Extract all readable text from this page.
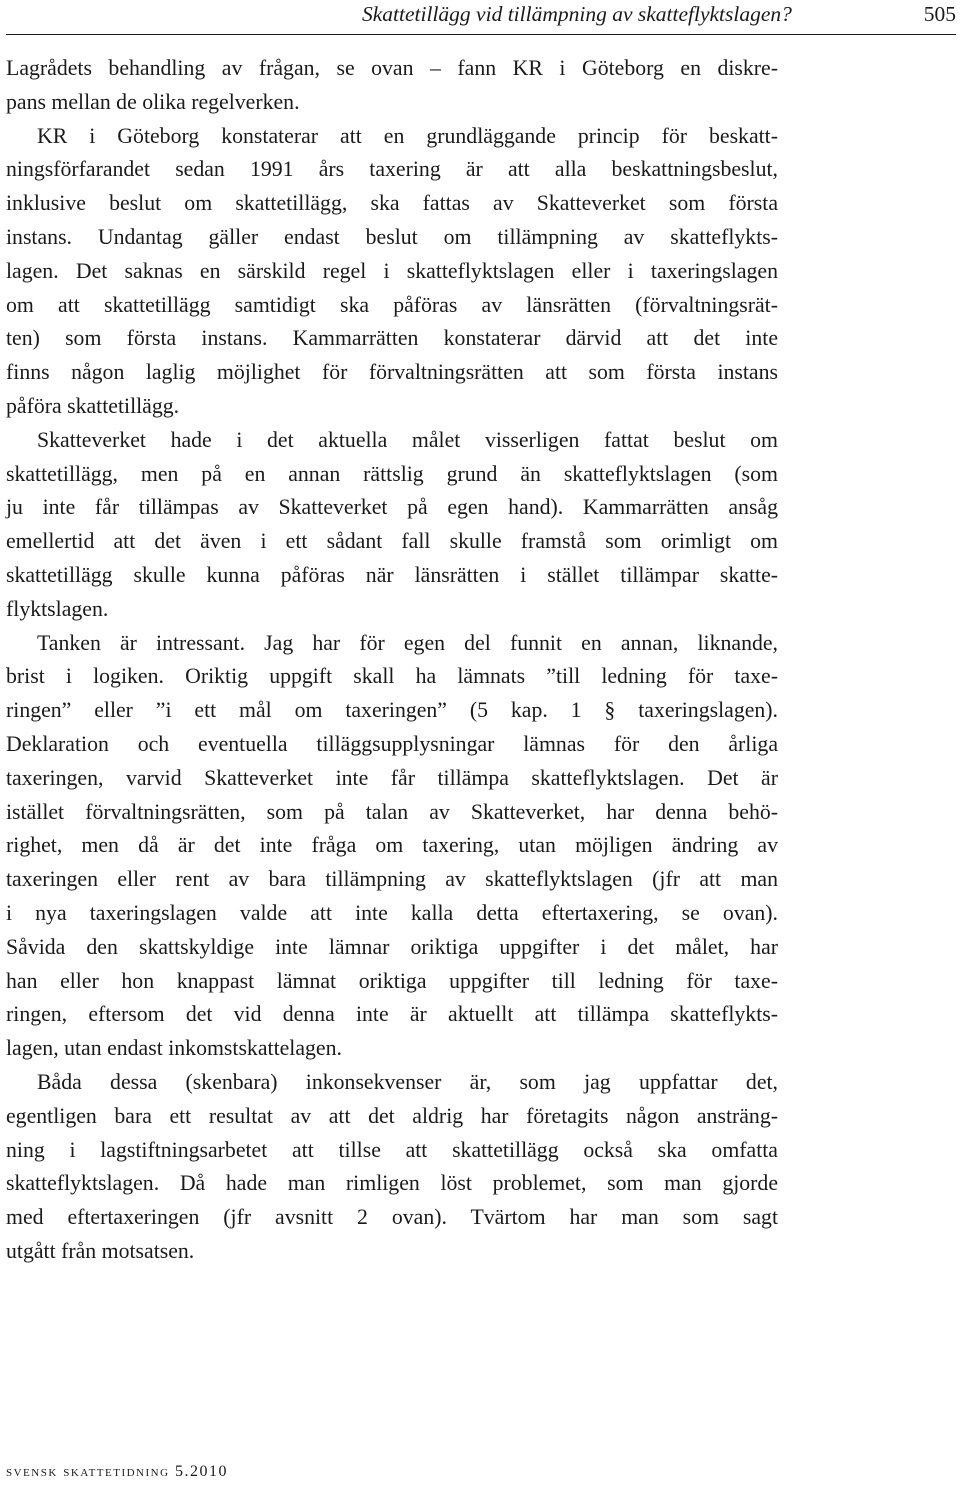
Skattetillägg vid tillämpning av skatteflyktslagen?	505
Lagrådets behandling av frågan, se ovan – fann KR i Göteborg en diskre-
pans mellan de olika regelverken.
KR i Göteborg konstaterar att en grundläggande princip för beskatt-
ningsförfarandet sedan 1991 års taxering är att alla beskattningsbeslut,
inklusive beslut om skattetillägg, ska fattas av Skatteverket som första
instans. Undantag gäller endast beslut om tillämpning av skatteflykts-
lagen. Det saknas en särskild regel i skatteflyktslagen eller i taxeringslagen
om att skattetillägg samtidigt ska påföras av länsrätten (förvaltningsrät-
ten) som första instans. Kammarrätten konstaterar därvid att det inte
finns någon laglig möjlighet för förvaltningsrätten att som första instans
påföra skattetillägg.
Skatteverket hade i det aktuella målet visserligen fattat beslut om
skattetillägg, men på en annan rättslig grund än skatteflyktslagen (som
ju inte får tillämpas av Skatteverket på egen hand). Kammarrätten ansåg
emellertid att det även i ett sådant fall skulle framstå som orimligt om
skattetillägg skulle kunna påföras när länsrätten i stället tillämpar skatte-
flyktslagen.
Tanken är intressant. Jag har för egen del funnit en annan, liknande,
brist i logiken. Oriktig uppgift skall ha lämnats ”till ledning för taxe-
ringen” eller ”i ett mål om taxeringen” (5 kap. 1 § taxeringslagen).
Deklaration och eventuella tilläggsupplysningar lämnas för den årliga
taxeringen, varvid Skatteverket inte får tillämpa skatteflyktslagen. Det är
istället förvaltningsrätten, som på talan av Skatteverket, har denna behö-
righet, men då är det inte fråga om taxering, utan möjligen ändring av
taxeringen eller rent av bara tillämpning av skatteflyktslagen (jfr att man
i nya taxeringslagen valde att inte kalla detta eftertaxering, se ovan).
Såvida den skattskyldige inte lämnar oriktiga uppgifter i det målet, har
han eller hon knappast lämnat oriktiga uppgifter till ledning för taxe-
ringen, eftersom det vid denna inte är aktuellt att tillämpa skatteflykts-
lagen, utan endast inkomstskattelagen.
Båda dessa (skenbara) inkonsekvenser är, som jag uppfattar det,
egentligen bara ett resultat av att det aldrig har företagits någon ansträng-
ning i lagstiftningsarbetet att tillse att skattetillägg också ska omfatta
skatteflyktslagen. Då hade man rimligen löst problemet, som man gjorde
med eftertaxeringen (jfr avsnitt 2 ovan). Tvärtom har man som sagt
utgått från motsatsen.
svensk skattetidning 5.2010
